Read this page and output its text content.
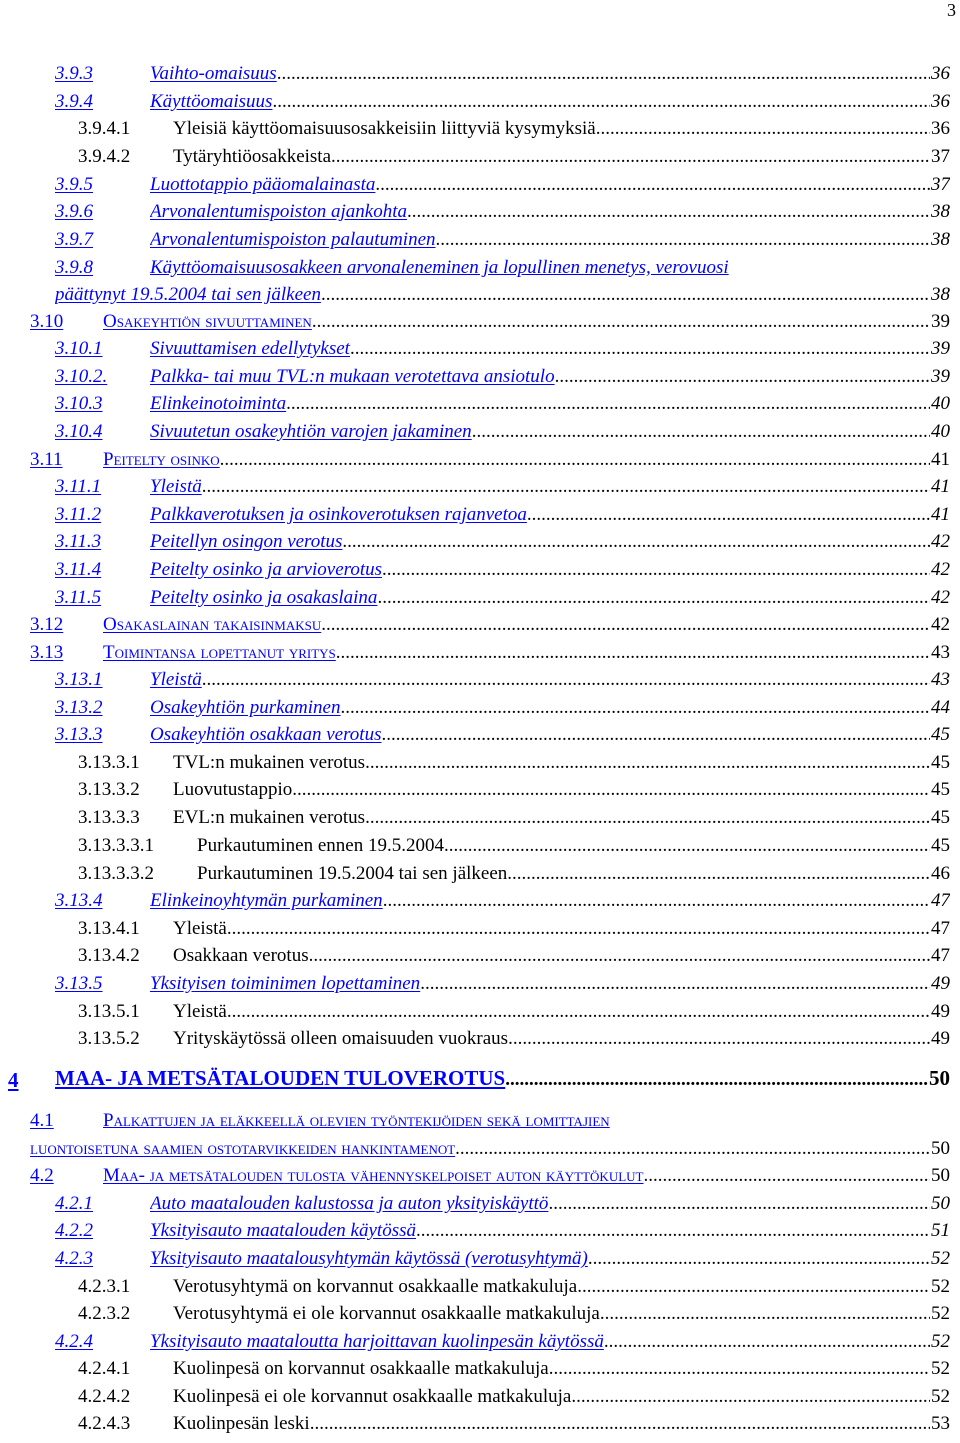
3
3.9.3	Vaihto-omaisuus .....	36
3.9.4	Käyttöomaisuus .....	36
3.9.4.1 Yleisiä käyttöomaisuusosakkeisiin liittyviä kysymyksiä .....	36
3.9.4.2 Tytäryhtiöosakkeista .....	37
3.9.5	Luottotappio pääomalainasta .....	37
3.9.6	Arvonalentumispoiston ajankohta .....	38
3.9.7	Arvonalentumispoiston palautuminen .....	38
3.9.8	Käyttöomaisuusosakkeen arvonaleneminen ja lopullinen menetys, verovuosi
päättynyt 19.5.2004 tai sen jälkeen .....	38
3.10 Osakeyhtiön sivuuttaminen .....	39
3.10.1	Sivuuttamisen edellytykset .....	39
3.10.2. Palkka- tai muu TVL:n mukaan verotettava ansiotulo .....	39
3.10.3	Elinkeinotoiminta .....	40
3.10.4	Sivuutetun osakeyhtiön varojen jakaminen .....	40
3.11 Peitelty osinko .....	41
3.11.1	Yleistä .....	41
3.11.2	Palkkaverotuksen ja osinkoverotuksen rajanvetoa .....	41
3.11.3	Peitellyn osingon verotus .....	42
3.11.4	Peitelty osinko ja arvioverotus .....	42
3.11.5	Peitelty osinko ja osakaslaina .....	42
3.12 Osakaslainan takaisinmaksu .....	42
3.13 Toimintansa lopettanut yritys .....	43
3.13.1	Yleistä .....	43
3.13.2	Osakeyhtiön purkaminen .....	44
3.13.3	Osakeyhtiön osakkaan verotus .....	45
3.13.3.1 TVL:n mukainen verotus .....	45
3.13.3.2 Luovutustappio .....	45
3.13.3.3 EVL:n mukainen verotus .....	45
3.13.3.3.1 Purkautuminen ennen 19.5.2004 .....	45
3.13.3.3.2 Purkautuminen 19.5.2004 tai sen jälkeen .....	46
3.13.4	Elinkeinoyhtymän purkaminen .....	47
3.13.4.1 Yleistä .....	47
3.13.4.2 Osakkaan verotus .....	47
3.13.5	Yksityisen toiminimen lopettaminen .....	49
3.13.5.1 Yleistä .....	49
3.13.5.2 Yrityskäytössä olleen omaisuuden vuokraus .....	49
4 MAA- JA METSÄTALOUDEN TULOVEROTUS .....	50
4.1	Palkattujen ja eläkkeellä olevien työntekijöiden sekä lomittajien
luontoisetuna saamien ostotarvikkeiden hankintamenot .....	50
4.2	Maa- ja metsätalouden tulosta vähennyskelpoiset auton käyttökulut .....	50
4.2.1	Auto maatalouden kalustossa ja auton yksityiskäyttö .....	50
4.2.2	Yksityisauto maatalouden käytössä .....	51
4.2.3	Yksityisauto maatalousyhtymän käytössä (verotusyhtymä) .....	52
4.2.3.1 Verotusyhtymä on korvannut osakkaalle matkakuluja .....	52
4.2.3.2 Verotusyhtymä ei ole korvannut osakkaalle matkakuluja .....	52
4.2.4	Yksityisauto maataloutta harjoittavan kuolinpesän käytössä .....	52
4.2.4.1 Kuolinpesä on korvannut osakkaalle matkakuluja .....	52
4.2.4.2 Kuolinpesä ei ole korvannut osakkaalle matkakuluja .....	52
4.2.4.3 Kuolinpesän leski .....	53
